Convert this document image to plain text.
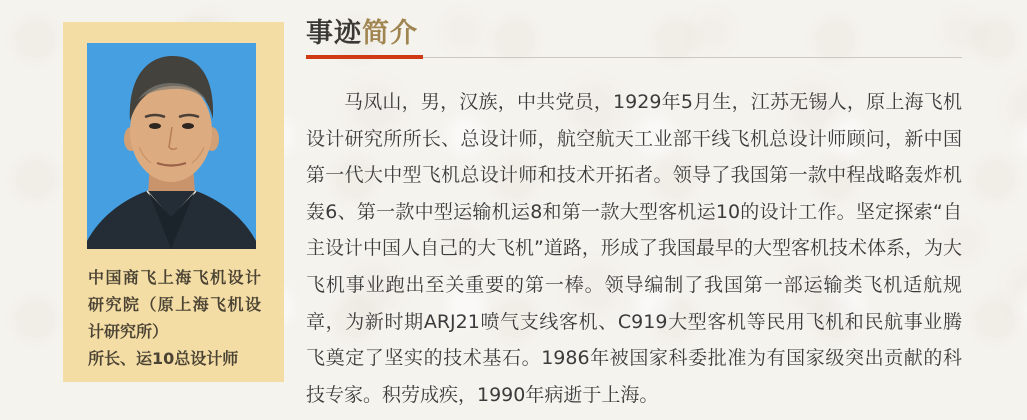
中国商飞上海飞机设计研究院（原上海飞机设计研究所）
所长、运10总设计师
事迹简介

马凤山，男，汉族，中共党员，1929年5月生，江苏无锡人，原上海飞机设计研究所所长、总设计师，航空航天工业部干线飞机总设计师顾问，新中国第一代大中型飞机总设计师和技术开拓者。领导了我国第一款中程战略轰炸机轰6、第一款中型运输机运8和第一款大型客机运10的设计工作。坚定探索“自主设计中国人自己的大飞机”道路，形成了我国最早的大型客机技术体系，为大飞机事业跑出至关重要的第一棒。领导编制了我国第一部运输类飞机适航规章，为新时期ARJ21喷气支线客机、C919大型客机等民用飞机和民航事业腾飞奠定了坚实的技术基石。1986年被国家科委批准为有国家级突出贡献的科技专家。积劳成疾，1990年病逝于上海。
